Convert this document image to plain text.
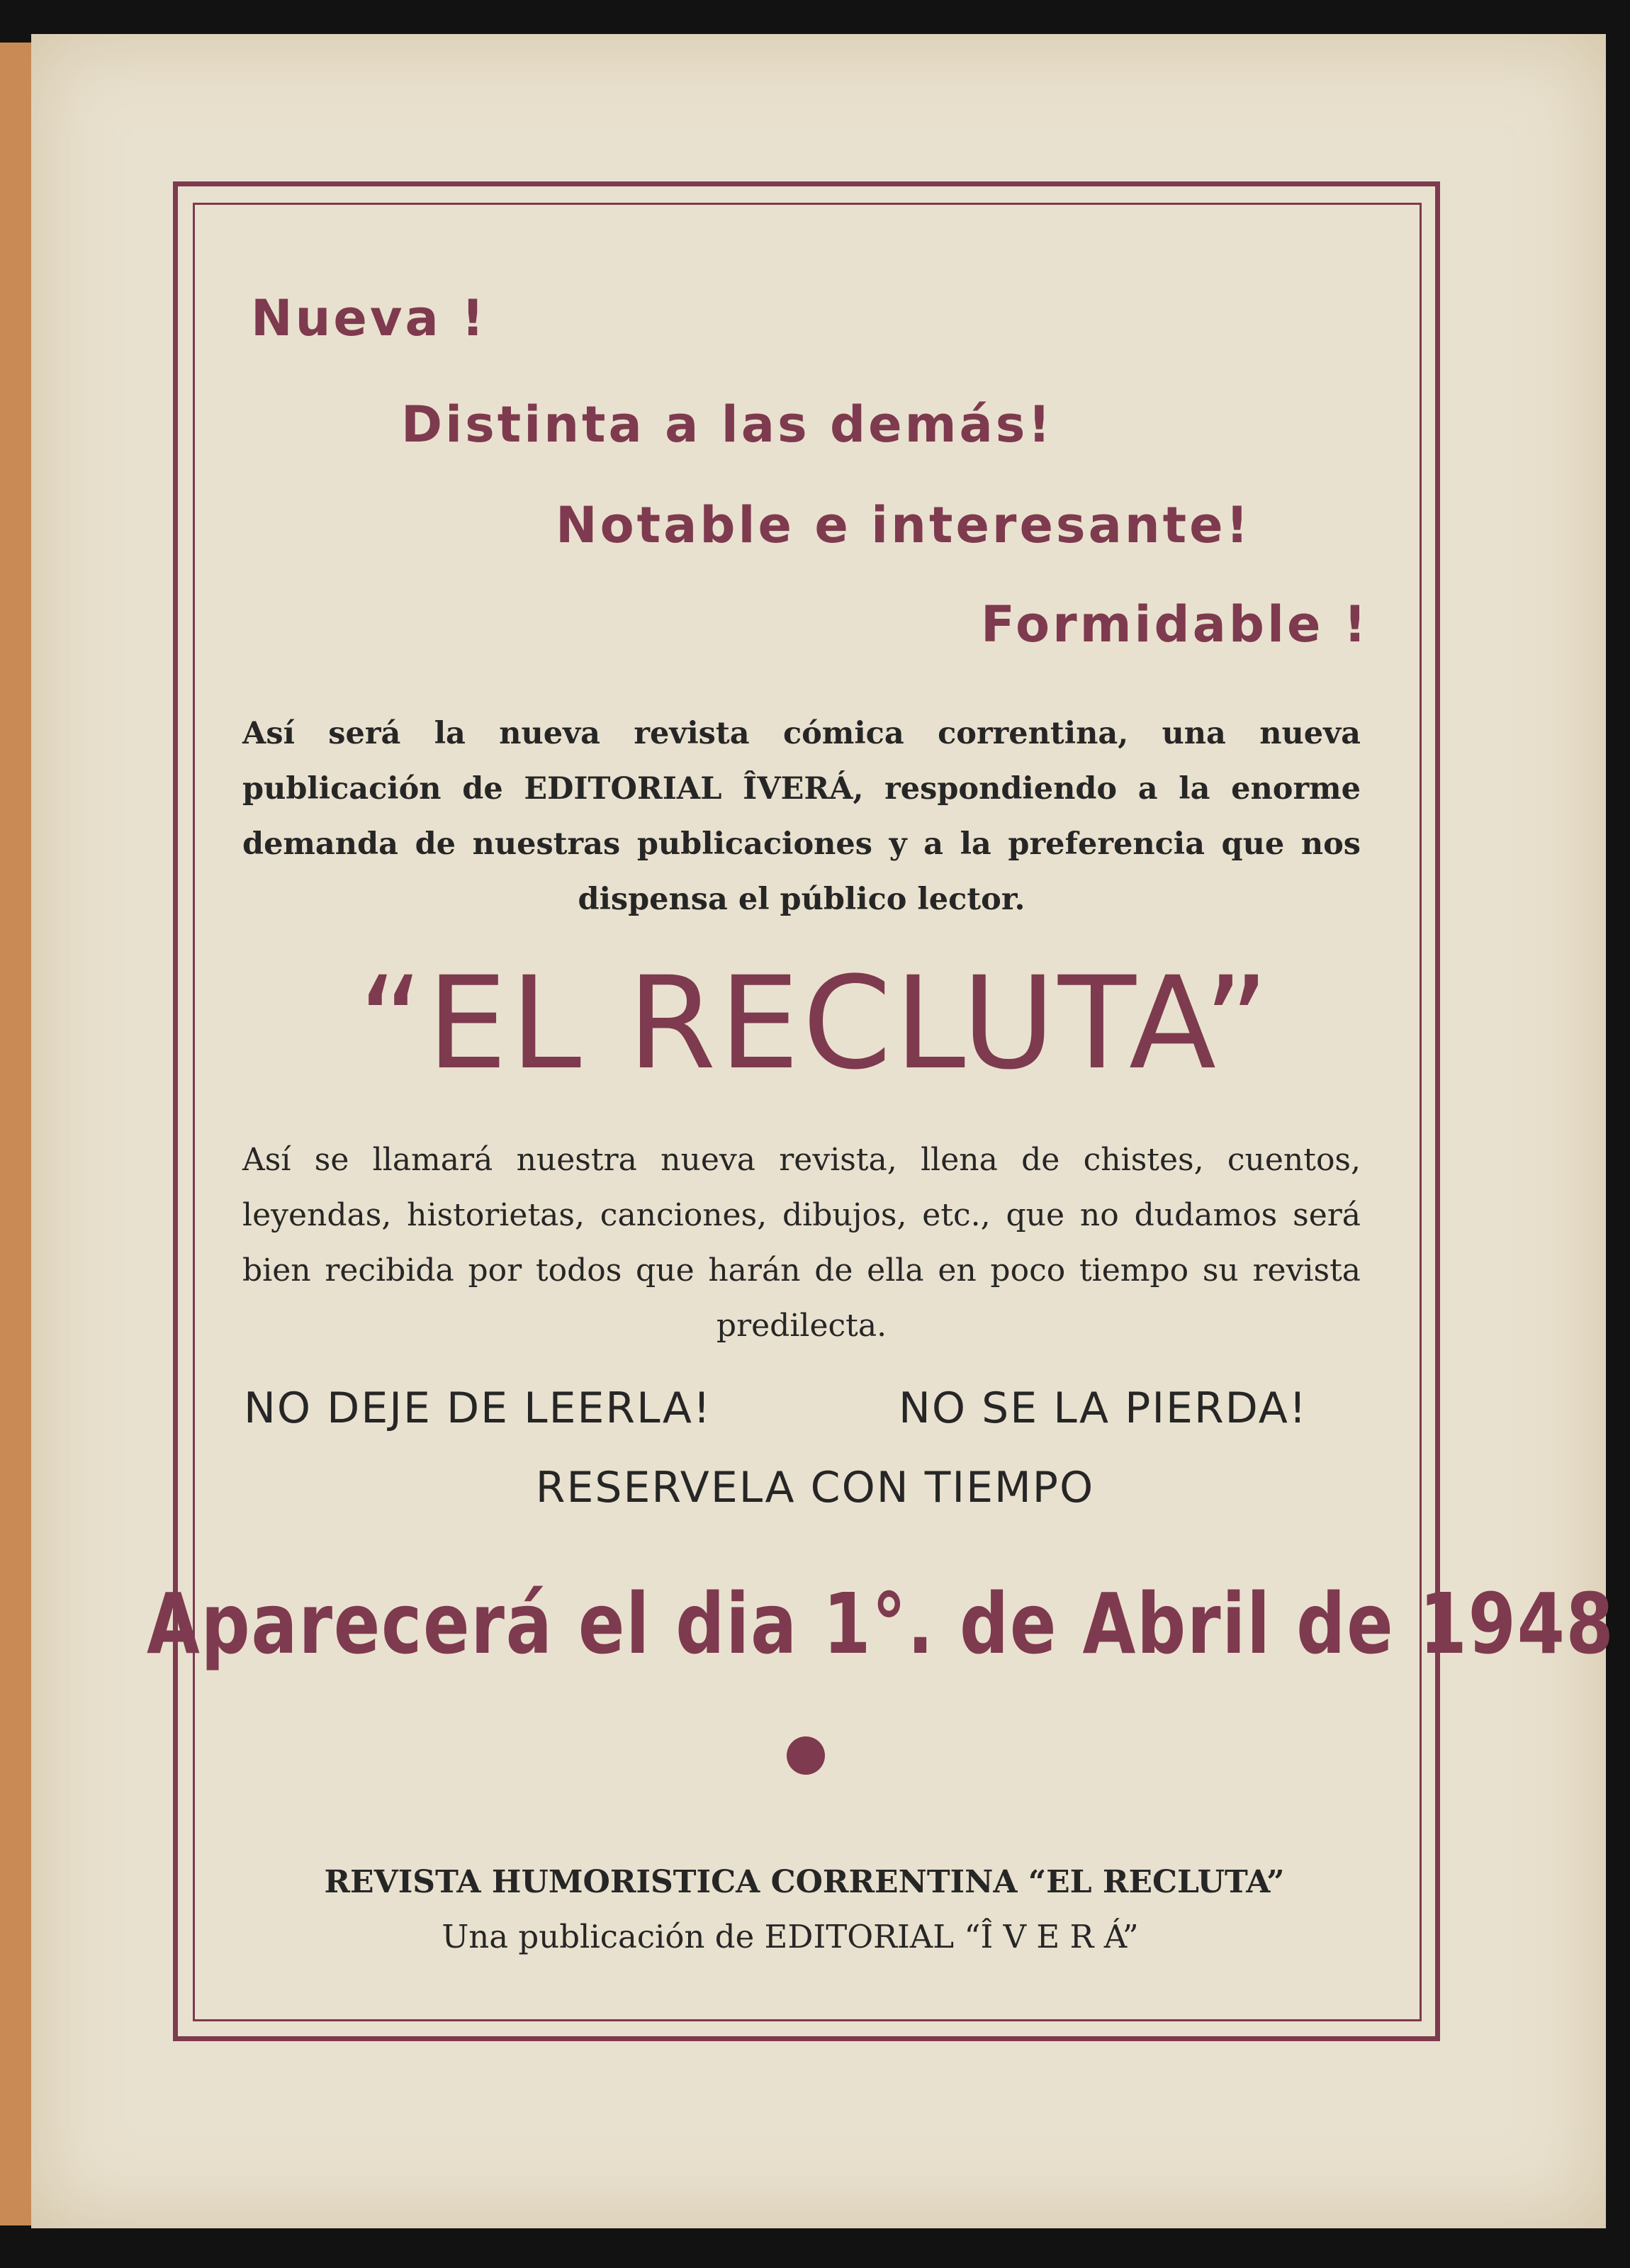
Nueva !
Distinta a las demás!
Notable e interesante!
Formidable !

Así será la nueva revista cómica correntina, una nueva publicación de EDITORIAL ÎVERÁ, respondiendo a la enorme demanda de nuestras publicaciones y a la preferencia que nos dispensa el público lector.

“EL RECLUTA”

Así se llamará nuestra nueva revista, llena de chistes, cuentos, leyendas, historietas, canciones, dibujos, etc., que no dudamos será bien recibida por todos que harán de ella en poco tiempo su revista predilecta.

NO DEJE DE LEERLA!	NO SE LA PIERDA!
RESERVELA CON TIEMPO
Aparecerá el dia 1°. de Abril de 1948
REVISTA HUMORISTICA CORRENTINA “EL RECLUTA”
Una publicación de EDITORIAL “Î V E R Á”
